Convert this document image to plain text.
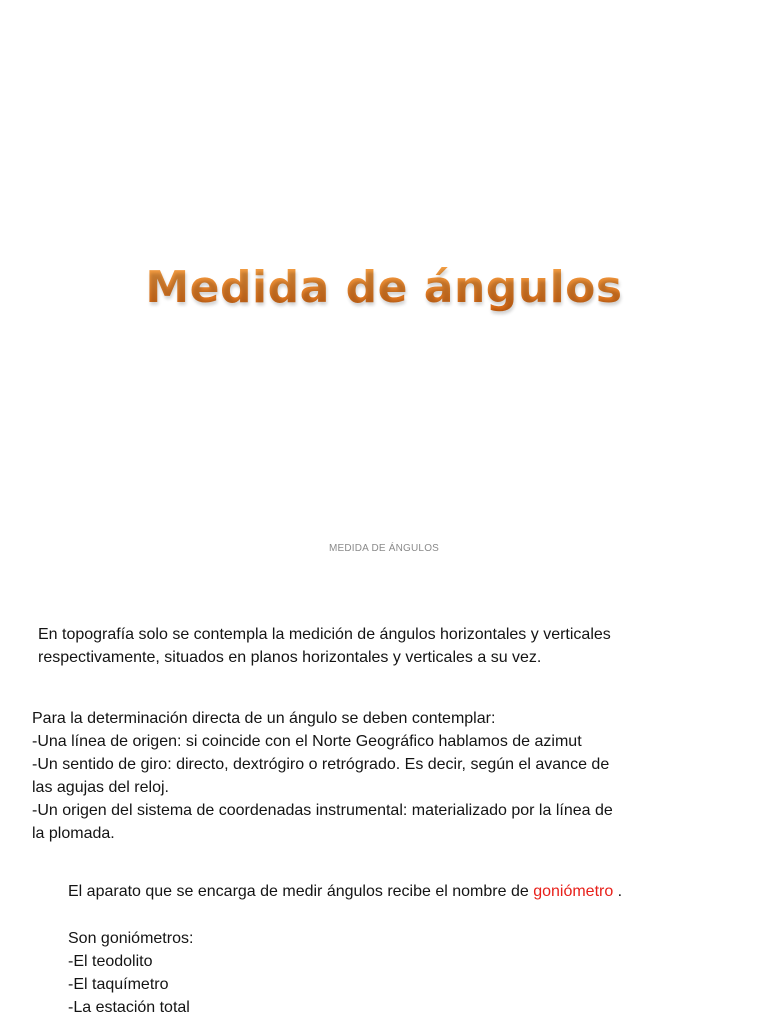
Medida de ángulos
MEDIDA DE ÁNGULOS
En topografía solo se contempla la medición de ángulos horizontales y verticales
respectivamente, situados en planos horizontales y verticales a su vez.
Para la determinación directa de un ángulo se deben contemplar:
-Una línea de origen: si coincide con el Norte Geográfico hablamos de azimut
-Un sentido de giro: directo, dextrógiro o retrógrado. Es decir, según el avance de
las agujas del reloj.
-Un origen del sistema de coordenadas instrumental: materializado por la línea de
la plomada.
El aparato que se encarga de medir ángulos recibe el nombre de goniómetro .
Son goniómetros:
-El teodolito
-El taquímetro
-La estación total
